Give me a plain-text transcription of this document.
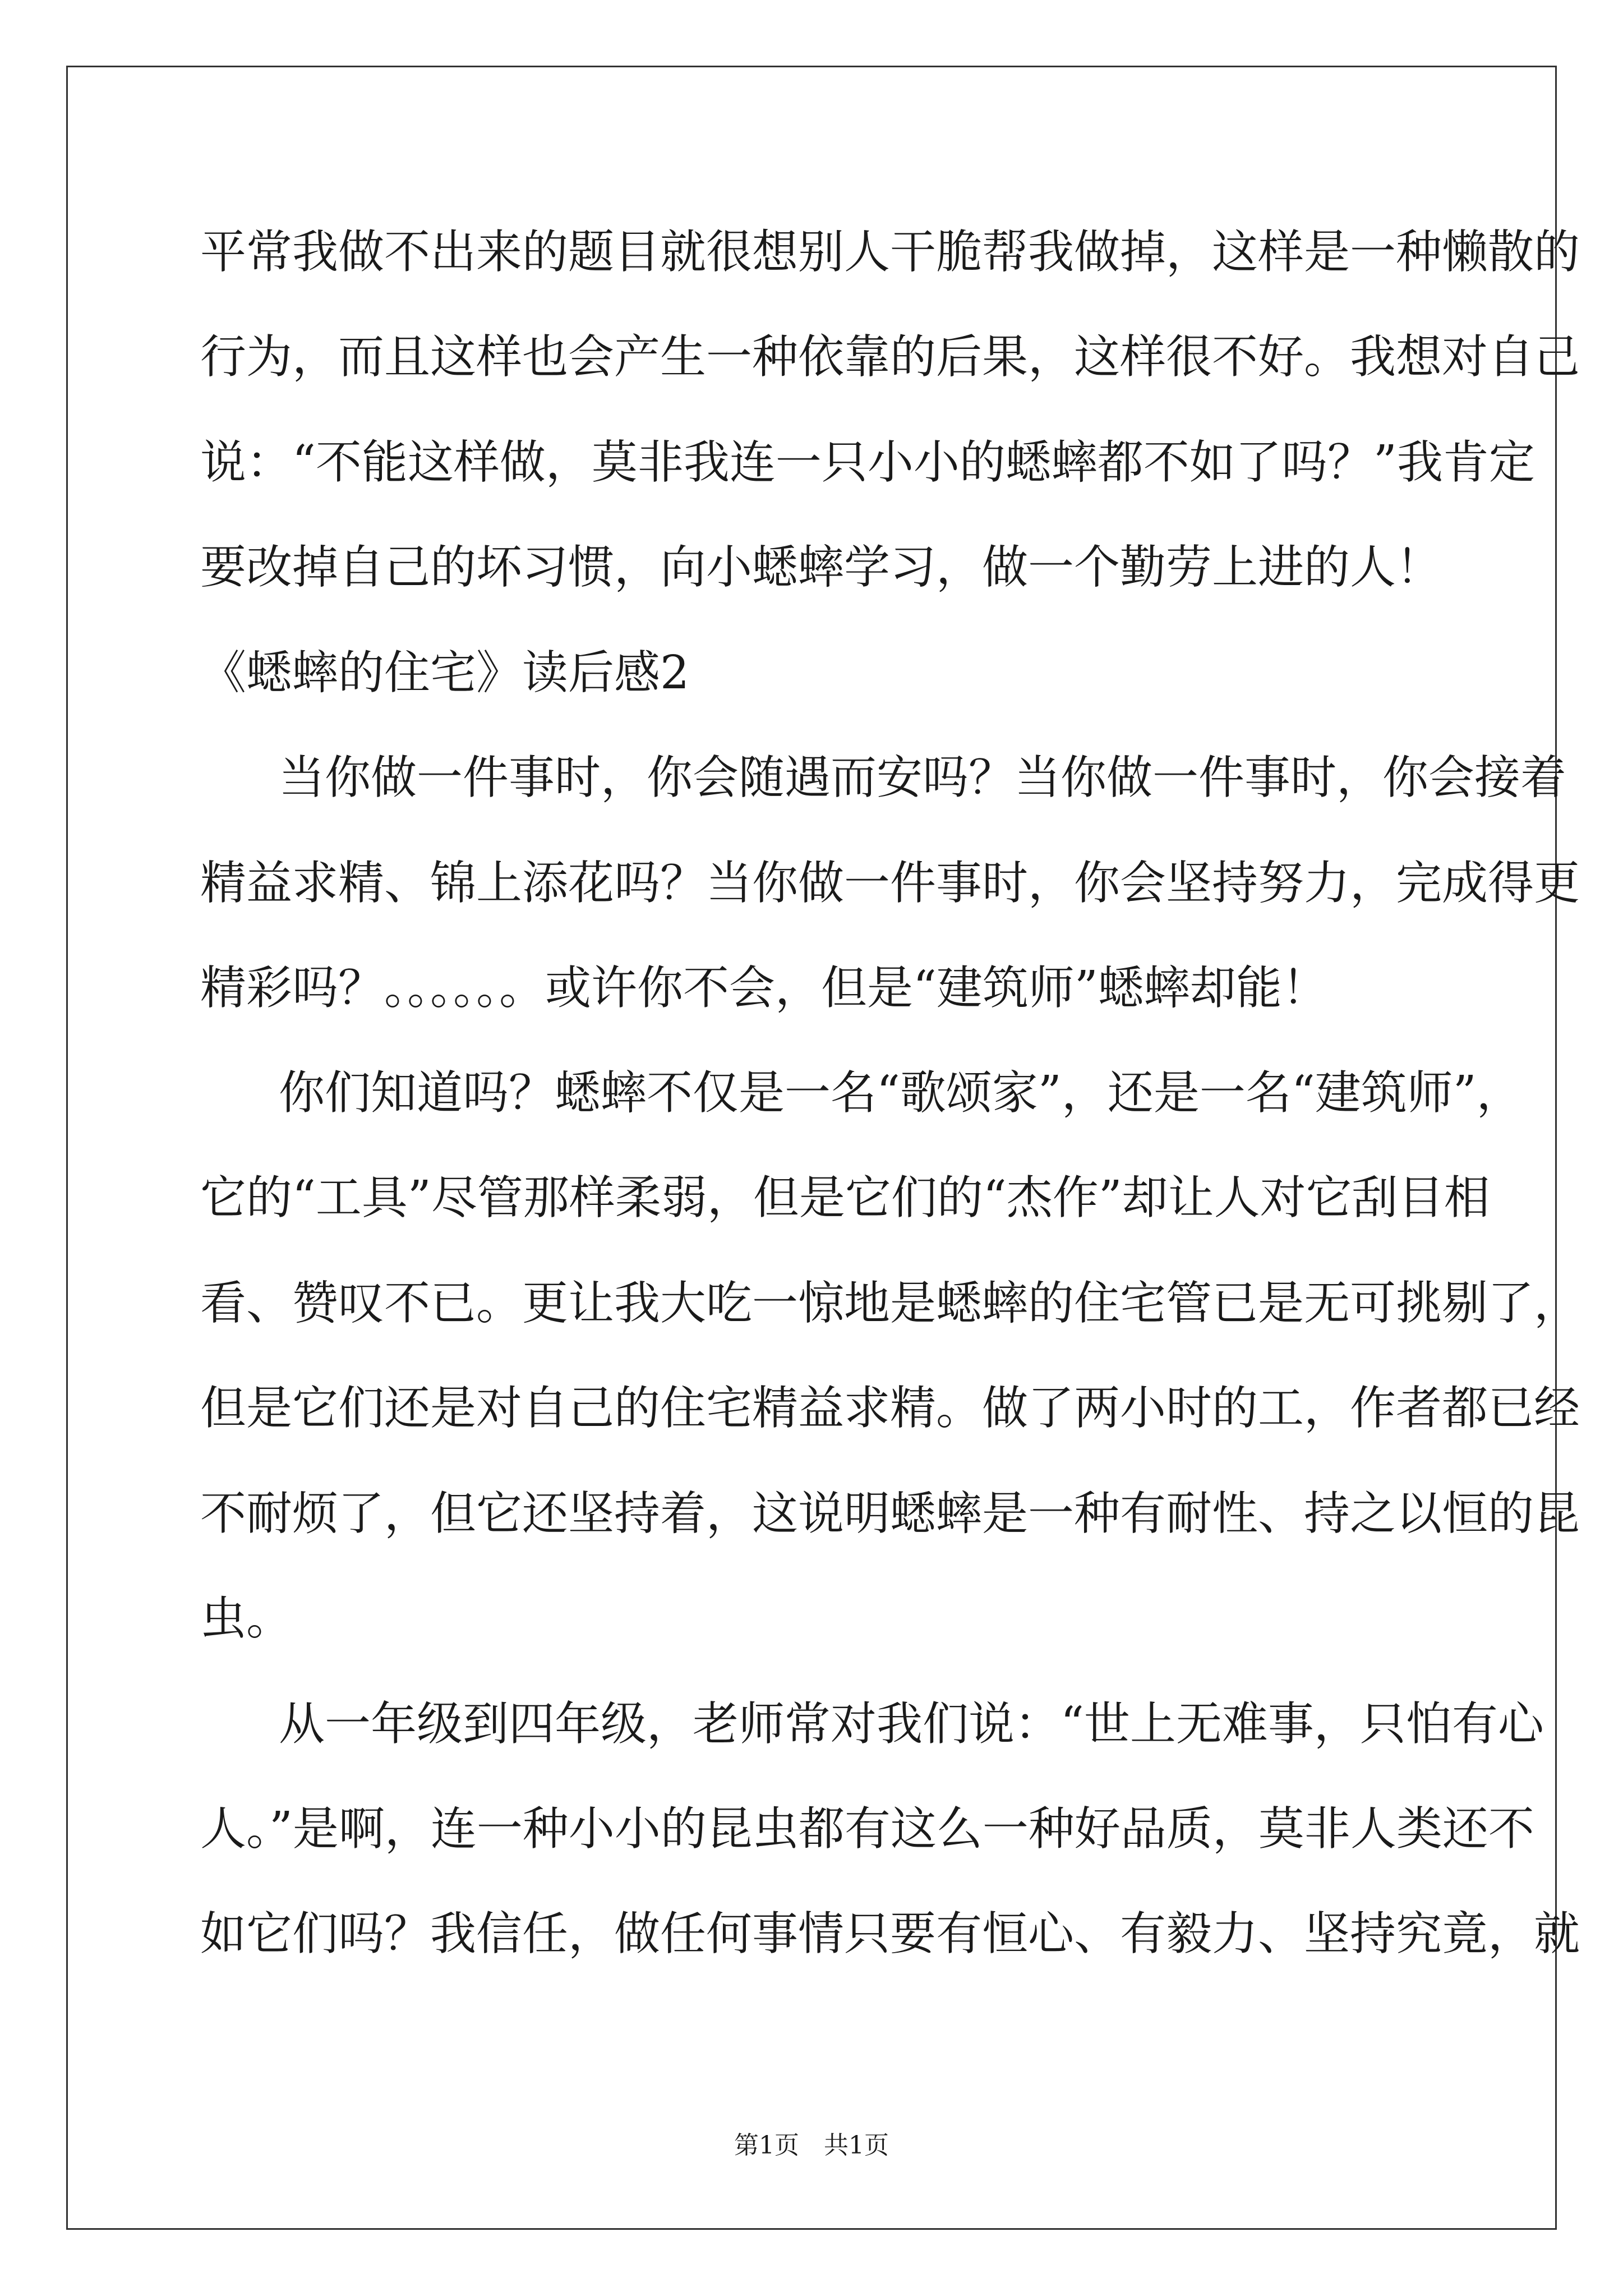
平常我做不出来的题目就很想别人干脆帮我做掉，这样是一种懒散的
行为，而且这样也会产生一种依靠的后果，这样很不好。我想对自己
说：“不能这样做，莫非我连一只小小的蟋蟀都不如了吗？”我肯定
要改掉自己的坏习惯，向小蟋蟀学习，做一个勤劳上进的人！
《蟋蟀的住宅》读后感2
当你做一件事时，你会随遇而安吗？当你做一件事时，你会接着
精益求精、锦上添花吗？当你做一件事时，你会坚持努力，完成得更
精彩吗？。。。。。。或许你不会，但是“建筑师”蟋蟀却能！
你们知道吗？蟋蟀不仅是一名“歌颂家”，还是一名“建筑师”，
它的“工具”尽管那样柔弱，但是它们的“杰作”却让人对它刮目相
看、赞叹不已。更让我大吃一惊地是蟋蟀的住宅管已是无可挑剔了，
但是它们还是对自己的住宅精益求精。做了两小时的工，作者都已经
不耐烦了，但它还坚持着，这说明蟋蟀是一种有耐性、持之以恒的昆
虫。
从一年级到四年级，老师常对我们说：“世上无难事，只怕有心
人。”是啊，连一种小小的昆虫都有这么一种好品质，莫非人类还不
如它们吗？我信任，做任何事情只要有恒心、有毅力、坚持究竟，就
第1页　共1页
